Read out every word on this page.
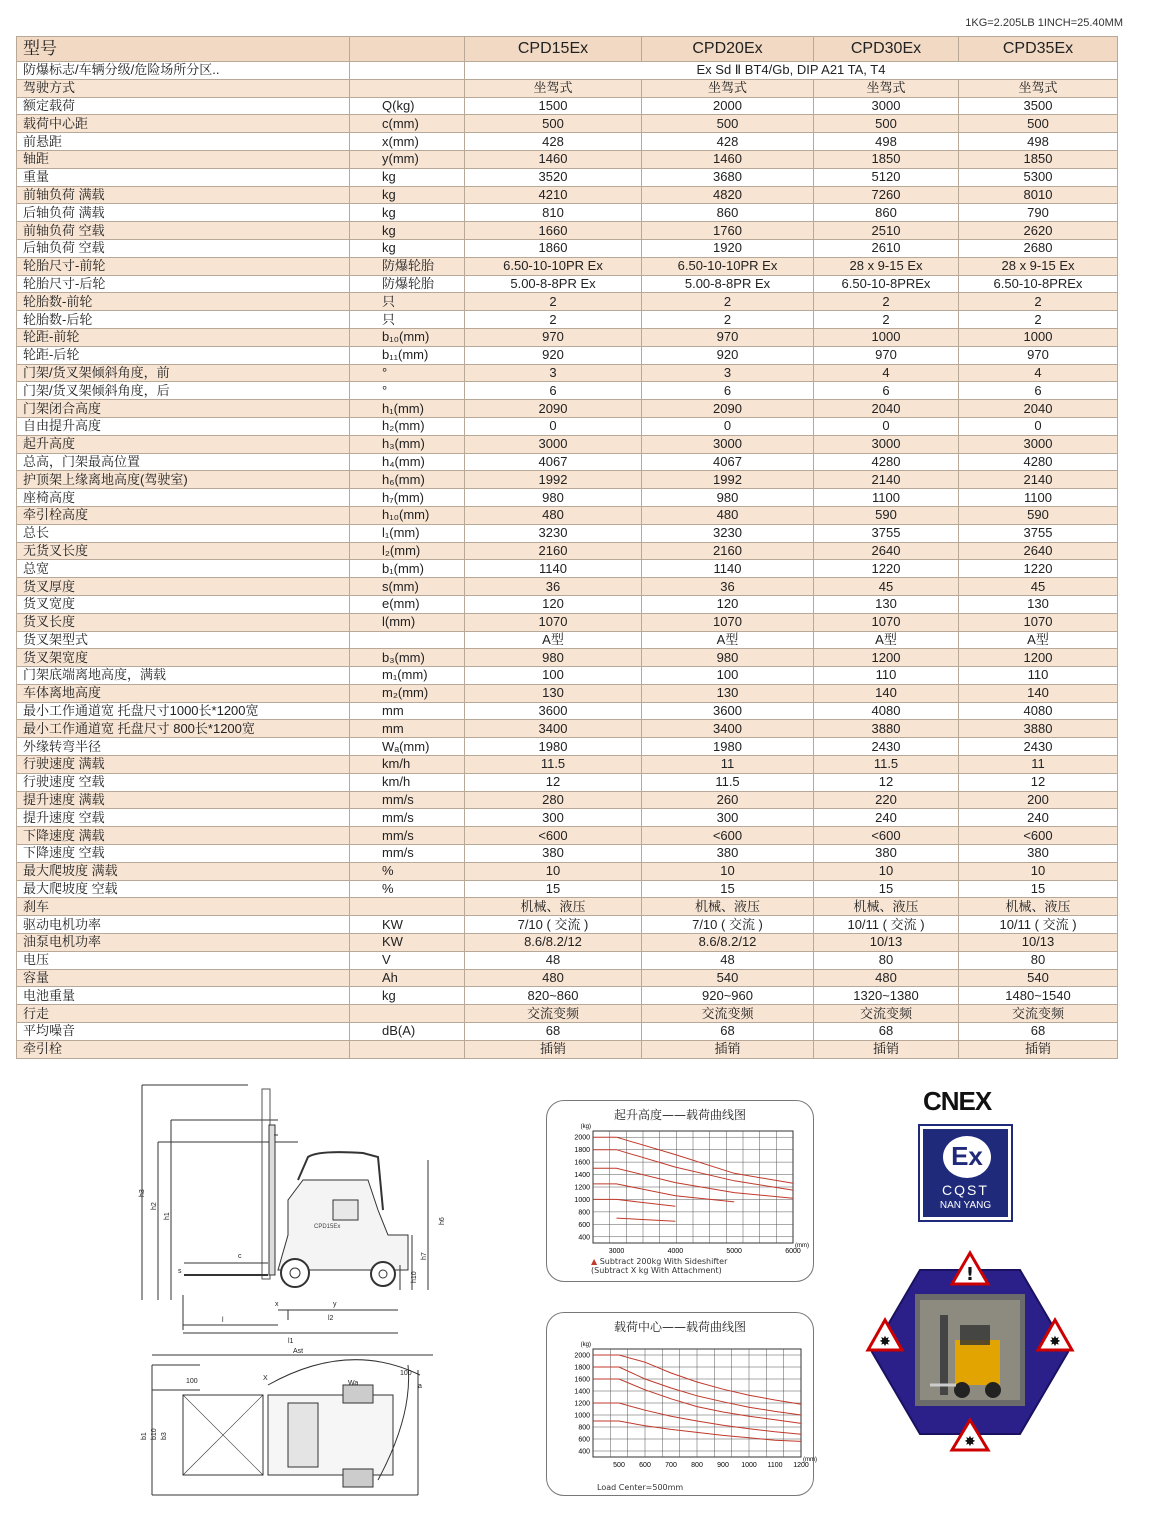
1KG=2.205LB 1INCH=25.40MM
型号		CPD15Ex	CPD20Ex	CPD30Ex	CPD35Ex
防爆标志/车辆分级/危险场所分区..		Ex Sd Ⅱ BT4/Gb, DIP A21 TA, T4			
驾驶方式		坐驾式	坐驾式	坐驾式	坐驾式
额定载荷	Q(kg)	1500	2000	3000	3500
载荷中心距	c(mm)	500	500	500	500
前悬距	x(mm)	428	428	498	498
轴距	y(mm)	1460	1460	1850	1850
重量	kg	3520	3680	5120	5300
前轴负荷 满载	kg	4210	4820	7260	8010
后轴负荷 满载	kg	810	860	860	790
前轴负荷 空载	kg	1660	1760	2510	2620
后轴负荷 空载	kg	1860	1920	2610	2680
轮胎尺寸-前轮	防爆轮胎	6.50-10-10PR Ex	6.50-10-10PR Ex	28 x 9-15 Ex	28 x 9-15 Ex
轮胎尺寸-后轮	防爆轮胎	5.00-8-8PR Ex	5.00-8-8PR Ex	6.50-10-8PREx	6.50-10-8PREx
轮胎数-前轮	只	2	2	2	2
轮胎数-后轮	只	2	2	2	2
轮距-前轮	b₁₀(mm)	970	970	1000	1000
轮距-后轮	b₁₁(mm)	920	920	970	970
门架/货叉架倾斜角度，前	°	3	3	4	4
门架/货叉架倾斜角度，后	°	6	6	6	6
门架闭合高度	h₁(mm)	2090	2090	2040	2040
自由提升高度	h₂(mm)	0	0	0	0
起升高度	h₃(mm)	3000	3000	3000	3000
总高，门架最高位置	h₄(mm)	4067	4067	4280	4280
护顶架上缘离地高度(驾驶室)	h₆(mm)	1992	1992	2140	2140
座椅高度	h₇(mm)	980	980	1100	1100
牵引栓高度	h₁₀(mm)	480	480	590	590
总长	l₁(mm)	3230	3230	3755	3755
无货叉长度	l₂(mm)	2160	2160	2640	2640
总宽	b₁(mm)	1140	1140	1220	1220
货叉厚度	s(mm)	36	36	45	45
货叉宽度	e(mm)	120	120	130	130
货叉长度	l(mm)	1070	1070	1070	1070
货叉架型式		A型	A型	A型	A型
货叉架宽度	b₃(mm)	980	980	1200	1200
门架底端离地高度，满载	m₁(mm)	100	100	110	110
车体离地高度	m₂(mm)	130	130	140	140
最小工作通道宽 托盘尺寸1000长*1200宽	mm	3600	3600	4080	4080
最小工作通道宽 托盘尺寸 800长*1200宽	mm	3400	3400	3880	3880
外缘转弯半径	Wₐ(mm)	1980	1980	2430	2430
行驶速度 满载	km/h	11.5	11	11.5	11
行驶速度 空载	km/h	12	11.5	12	12
提升速度 满载	mm/s	280	260	220	200
提升速度 空载	mm/s	300	300	240	240
下降速度 满载	mm/s	<600	<600	<600	<600
下降速度 空载	mm/s	380	380	380	380
最大爬坡度 满载	%	10	10	10	10
最大爬坡度 空载	%	15	15	15	15
刹车		机械、液压	机械、液压	机械、液压	机械、液压
驱动电机功率	KW	7/10 ( 交流 )	7/10 ( 交流 )	10/11 ( 交流 )	10/11 ( 交流 )
油泵电机功率	KW	8.6/8.2/12	8.6/8.2/12	10/13	10/13
电压	V	48	48	80	80
容量	Ah	480	540	480	540
电池重量	kg	820~860	920~960	1320~1380	1480~1540
行走		交流变频	交流变频	交流变频	交流变频
平均噪音	dB(A)	68	68	68	68
牵引栓		插销	插销	插销	插销
CPD15Ex
h3
h2
h1
h6
h7
h10
s
c
l
x	y
l2
l1
Ast
Wa
X
100
100
a
b1 b10 b3
起升高度——载荷曲线图
2000
1800
1600
1400
1200
1000
800
600
400
3000	4000	5000	6000
(kg)
(mm)
▲ Subtract 200kg With Sideshifter
(Subtract X kg With Attachment)
载荷中心——载荷曲线图
2000
1800
1600
1400
1200
1000
800
600
400
500 600 700 800 900 1000 1100 1200
(kg)
(mm)
Load Center=500mm
CNEX
Ex
CQST
NAN YANG
!
✸	✸
✸
